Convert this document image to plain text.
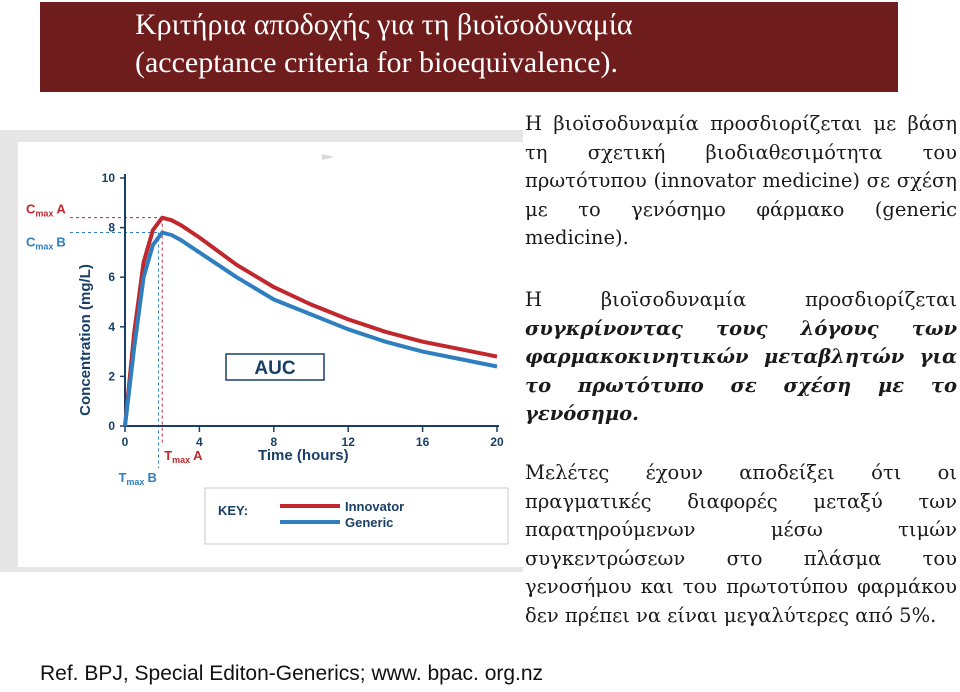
Κριτήρια αποδοχής για τη βιοϊσοδυναμία
(acceptance criteria for bioequivalence).
0
2
4
6
8
10
0	4	8	12	16	20
$C_{max}$ A
$C_{max}$ B
$T_{max}$ A
$T_{max}$ B
AUC
Time (hours)
Concentration (mg/L)
KEY:	Innovator
Generic

Η βιοϊσοδυναμία προσδιορίζεται με βάση τη σχετική βιοδιαθεσιμότητα του πρωτότυπου (innovator medicine) σε σχέση με το γενόσημο φάρμακο (generic medicine).

Η βιοϊσοδυναμία προσδιορίζεται συγκρίνοντας τους λόγους των φαρμακοκινητικών μεταβλητών για το πρωτότυπο σε σχέση με το γενόσημο.

Μελέτες έχουν αποδείξει ότι οι πραγματικές διαφορές μεταξύ των παρατηρούμενων μέσω τιμών συγκεντρώσεων στο πλάσμα του γενοσήμου και του πρωτοτύπου φαρμάκου δεν πρέπει να είναι μεγαλύτερες από 5%.

Ref. BPJ, Special Editon-Generics; www. bpac. org.nz
